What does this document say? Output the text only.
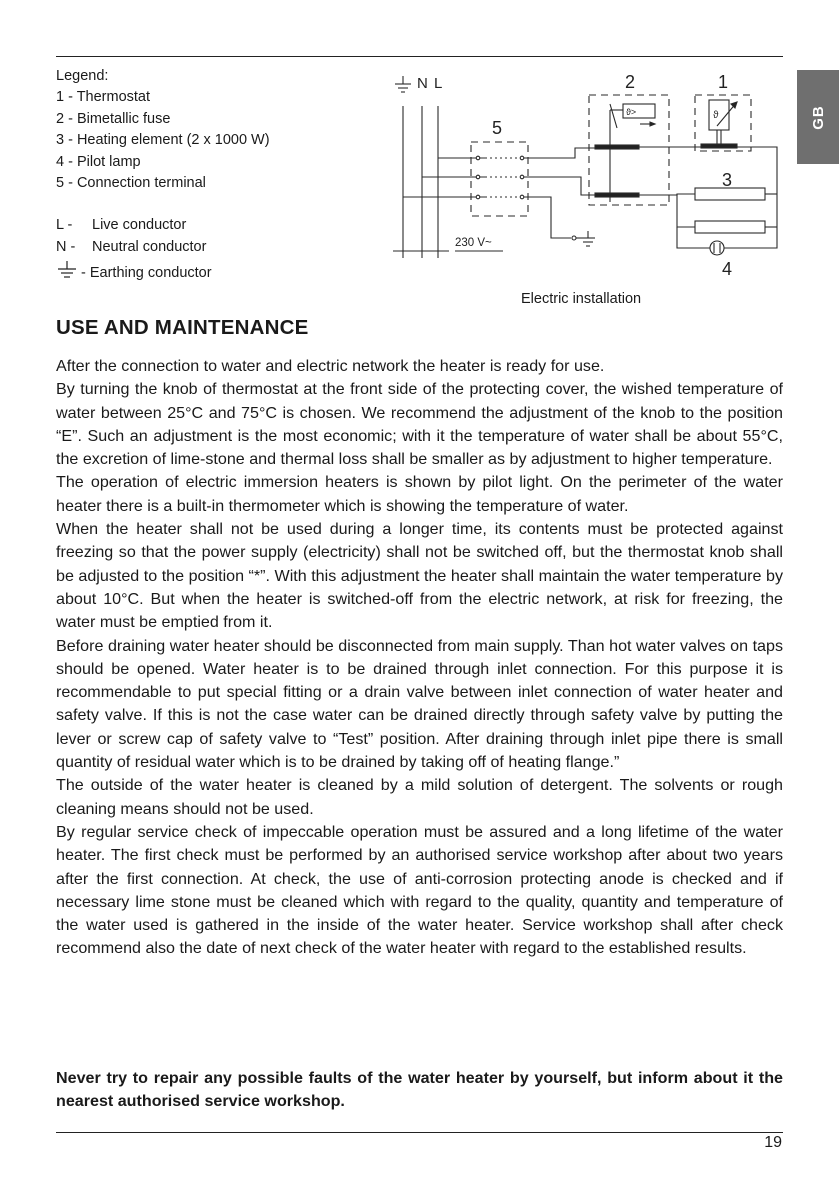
GB
Legend:
1 - Thermostat
2 - Bimetallic fuse
3 - Heating element (2 x 1000 W)
4 - Pilot lamp
5 - Connection terminal
L - Live conductor
N - Neutral conductor
- Earthing conductor
N L
230 V~
5
2
ϑ>
1
ϑ
3
4
Electric installation
USE AND MAINTENANCE

After the connection to water and electric network the heater is ready for use.

By turning the knob of thermostat at the front side of the protecting cover, the wished temperature of water between 25°C and 75°C is chosen. We recommend the adjustment of the knob to the position “E”. Such an adjustment is the most economic; with it the temperature of water shall be about 55°C, the excretion of lime-stone and thermal loss shall be smaller as by adjustment to higher temperature.

The operation of electric immersion heaters is shown by pilot light. On the perimeter of the water heater there is a built-in thermometer which is showing the temperature of water.

When the heater shall not be used during a longer time, its contents must be protected against freezing so that the power supply (electricity) shall not be switched off, but the thermostat knob shall be adjusted to the position “*”. With this adjustment the heater shall maintain the water temperature by about 10°C. But when the heater is switched-off from the electric network, at risk for freezing, the water must be emptied from it.

Before draining water heater should be disconnected from main supply. Than hot water valves on taps should be opened. Water heater is to be drained through inlet connection. For this purpose it is recommendable to put special fitting or a drain valve between inlet connection of water heater and safety valve. If this is not the case water can be drained directly through safety valve by putting the lever or screw cap of safety valve to “Test” position. After draining through inlet pipe there is small quantity of residual water which is to be drained by taking off of heating flange.”

The outside of the water heater is cleaned by a mild solution of detergent. The solvents or rough cleaning means should not be used.

By regular service check of impeccable operation must be assured and a long lifetime of the water heater. The first check must be performed by an authorised service workshop after about two years after the first connection. At check, the use of anti-corrosion protecting anode is checked and if necessary lime stone must be cleaned which with regard to the quality, quantity and temperature of the water used is gathered in the inside of the water heater. Service workshop shall after check recommend also the date of next check of the water heater with regard to the established results.

Never try to repair any possible faults of the water heater by yourself, but inform about it the nearest authorised service workshop.

19
